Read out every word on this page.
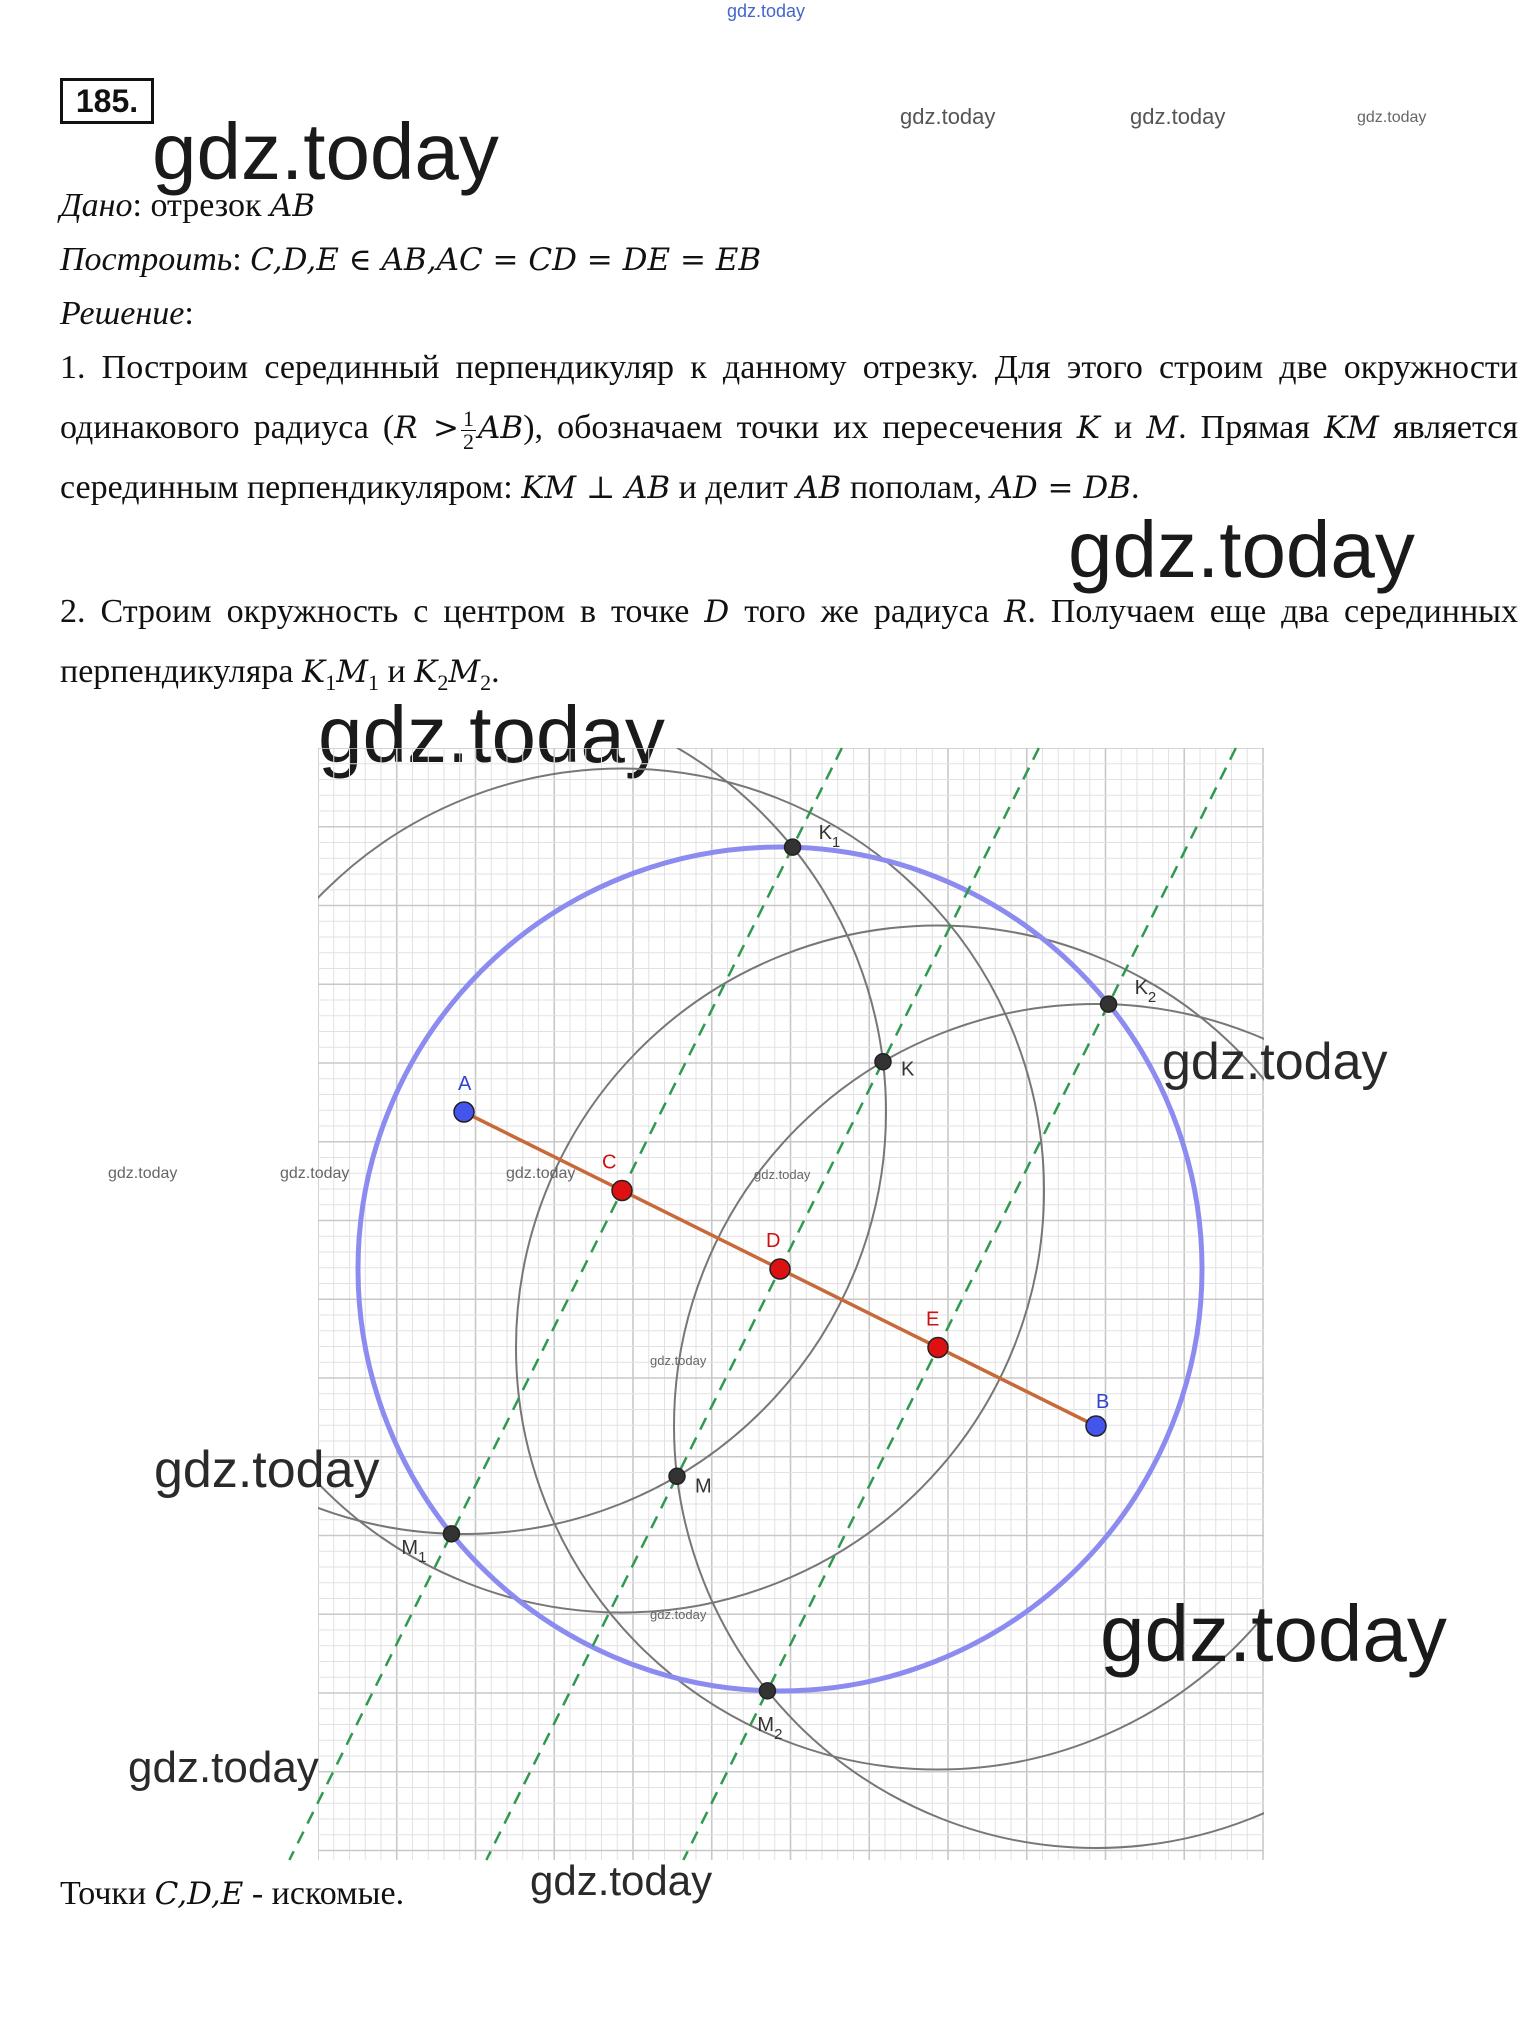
gdz.today
gdz.today	gdz.today	gdz.today
gdz.today
gdz.today
gdz.today
185.
Дано: отрезок AB
Построить: C,D,E ∈ AB,AC = CD = DE = EB
Решение:
1. Построим серединный перпендикуляр к данному отрезку. Для этого строим две окружности одинакового радиуса $(R > \frac{1}{2} AB)$, обозначаем точки их пересечения K и M. Прямая KM является серединным перпендикуляром: KM ⊥ AB и делит AB пополам, AD = DB.
2. Строим окружность с центром в точке D того же радиуса R. Получаем еще два серединных перпендикуляра $K_1M_1$ и $K_2M_2$.
A
B
C
D
E
K
M
$K_1$
$K_2$
$M_1$
$M_2$
gdz.today
gdz.today	gdz.today	gdz.today	gdz.today
gdz.today
gdz.today
gdz.today
gdz.today
gdz.today
gdz.today
Точки C,D,E - искомые.
